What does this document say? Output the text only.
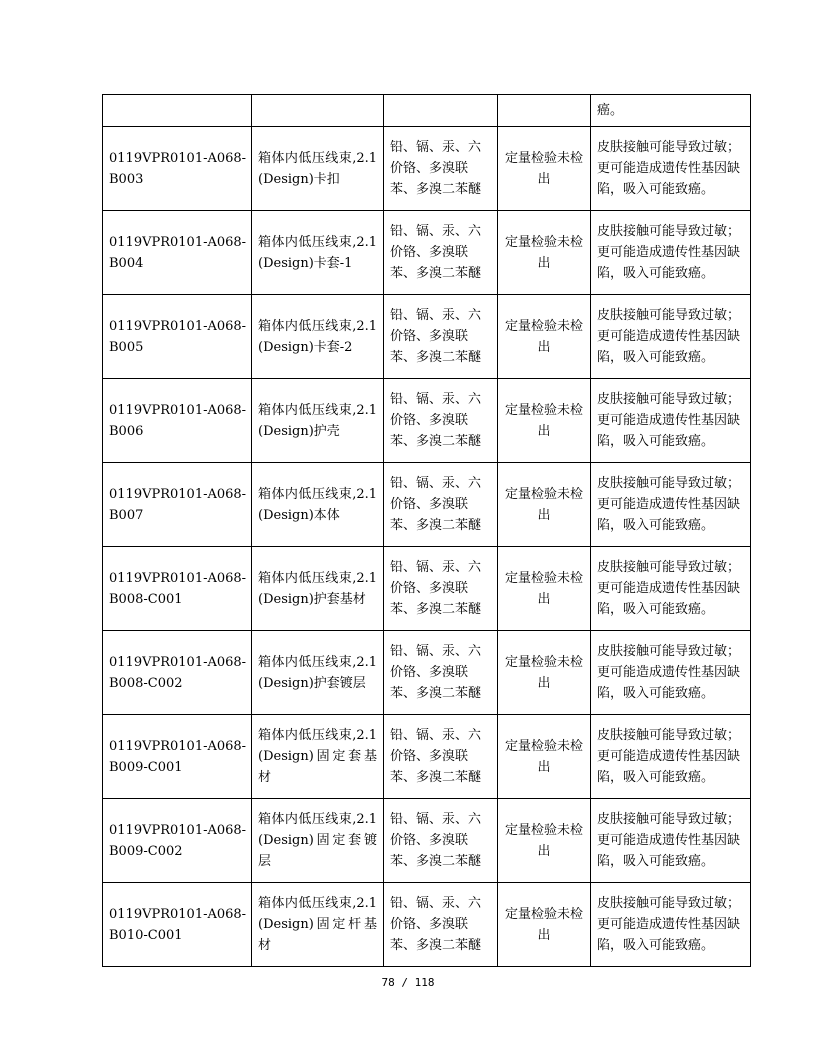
				癌。

0119VPR0101-A068-
B003	箱体内低压线束,2.1 (Design)卡扣	铅、镉、汞、六价铬、多溴联苯、多溴二苯醚	定量检验未检出	皮肤接触可能导致过敏；更可能造成遗传性基因缺陷，吸入可能致癌。

0119VPR0101-A068-
B004	箱体内低压线束,2.1 (Design)卡套-1	铅、镉、汞、六价铬、多溴联苯、多溴二苯醚	定量检验未检出	皮肤接触可能导致过敏；更可能造成遗传性基因缺陷，吸入可能致癌。

0119VPR0101-A068-
B005	箱体内低压线束,2.1 (Design)卡套-2	铅、镉、汞、六价铬、多溴联苯、多溴二苯醚	定量检验未检出	皮肤接触可能导致过敏；更可能造成遗传性基因缺陷，吸入可能致癌。

0119VPR0101-A068-
B006	箱体内低压线束,2.1 (Design)护壳	铅、镉、汞、六价铬、多溴联苯、多溴二苯醚	定量检验未检出	皮肤接触可能导致过敏；更可能造成遗传性基因缺陷，吸入可能致癌。

0119VPR0101-A068-
B007	箱体内低压线束,2.1 (Design)本体	铅、镉、汞、六价铬、多溴联苯、多溴二苯醚	定量检验未检出	皮肤接触可能导致过敏；更可能造成遗传性基因缺陷，吸入可能致癌。

0119VPR0101-A068-
B008-C001	箱体内低压线束,2.1 (Design)护套基材	铅、镉、汞、六价铬、多溴联苯、多溴二苯醚	定量检验未检出	皮肤接触可能导致过敏；更可能造成遗传性基因缺陷，吸入可能致癌。

0119VPR0101-A068-
B008-C002	箱体内低压线束,2.1 (Design)护套镀层	铅、镉、汞、六价铬、多溴联苯、多溴二苯醚	定量检验未检出	皮肤接触可能导致过敏；更可能造成遗传性基因缺陷，吸入可能致癌。

0119VPR0101-A068-
B009-C001	箱体内低压线束,2.1 (Design)固定套基材	铅、镉、汞、六价铬、多溴联苯、多溴二苯醚	定量检验未检出	皮肤接触可能导致过敏；更可能造成遗传性基因缺陷，吸入可能致癌。

0119VPR0101-A068-
B009-C002	箱体内低压线束,2.1 (Design)固定套镀层	铅、镉、汞、六价铬、多溴联苯、多溴二苯醚	定量检验未检出	皮肤接触可能导致过敏；更可能造成遗传性基因缺陷，吸入可能致癌。

0119VPR0101-A068-
B010-C001	箱体内低压线束,2.1 (Design)固定杆基材	铅、镉、汞、六价铬、多溴联苯、多溴二苯醚	定量检验未检出	皮肤接触可能导致过敏；更可能造成遗传性基因缺陷，吸入可能致癌。
78 / 118
